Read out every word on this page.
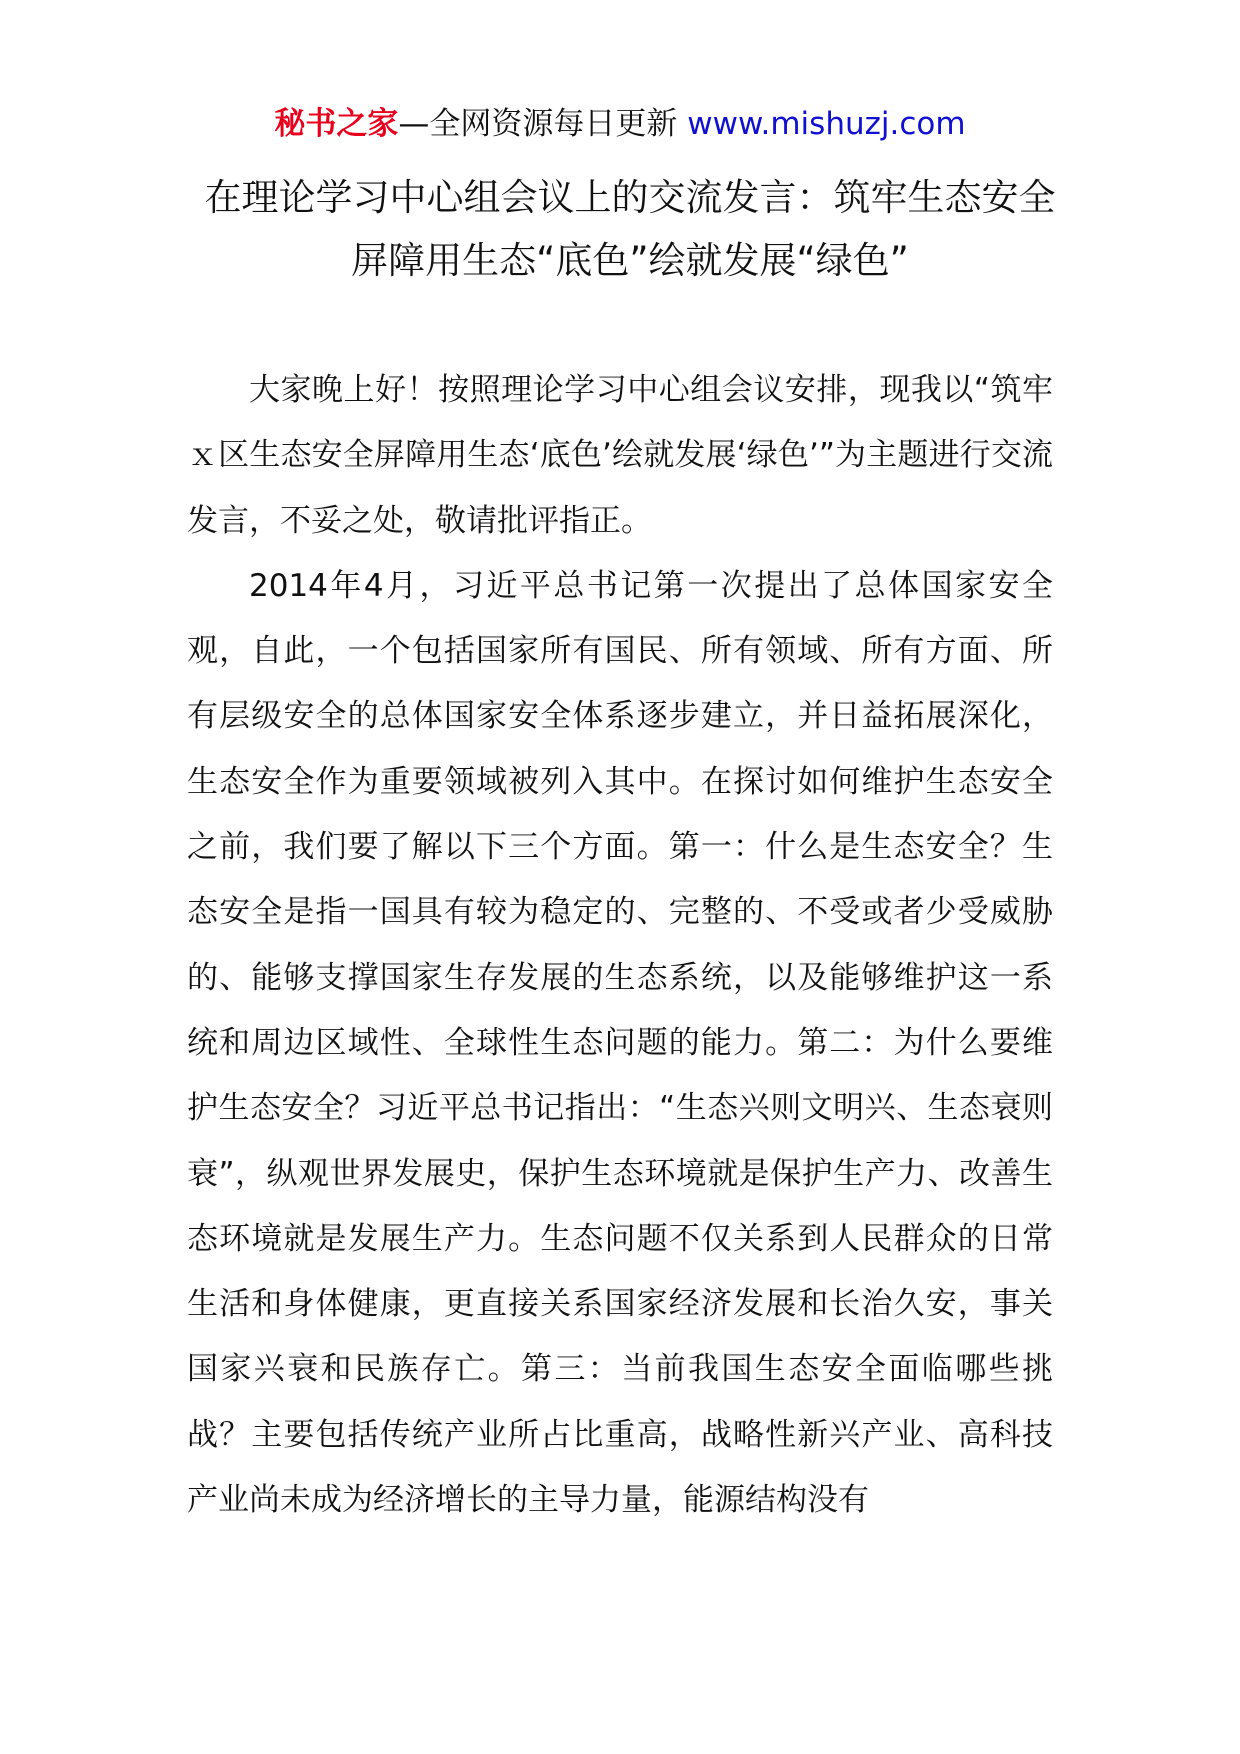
秘书之家—全网资源每日更新 www.mishuzj.com
在理论学习中心组会议上的交流发言：筑牢生态安全屏障用生态“底色”绘就发展“绿色”

大家晚上好！按照理论学习中心组会议安排，现我以“筑牢ｘ区生态安全屏障用生态‘底色’绘就发展‘绿色’”为主题进行交流发言，不妥之处，敬请批评指正。

2014年4月，习近平总书记第一次提出了总体国家安全观，自此，一个包括国家所有国民、所有领域、所有方面、所有层级安全的总体国家安全体系逐步建立，并日益拓展深化，生态安全作为重要领域被列入其中。在探讨如何维护生态安全之前，我们要了解以下三个方面。第一：什么是生态安全？生态安全是指一国具有较为稳定的、完整的、不受或者少受威胁的、能够支撑国家生存发展的生态系统，以及能够维护这一系统和周边区域性、全球性生态问题的能力。第二：为什么要维护生态安全？习近平总书记指出：“生态兴则文明兴、生态衰则衰”，纵观世界发展史，保护生态环境就是保护生产力、改善生态环境就是发展生产力。生态问题不仅关系到人民群众的日常生活和身体健康，更直接关系国家经济发展和长治久安，事关国家兴衰和民族存亡。第三：当前我国生态安全面临哪些挑战？主要包括传统产业所占比重高，战略性新兴产业、高科技产业尚未成为经济增长的主导力量，能源结构没有
